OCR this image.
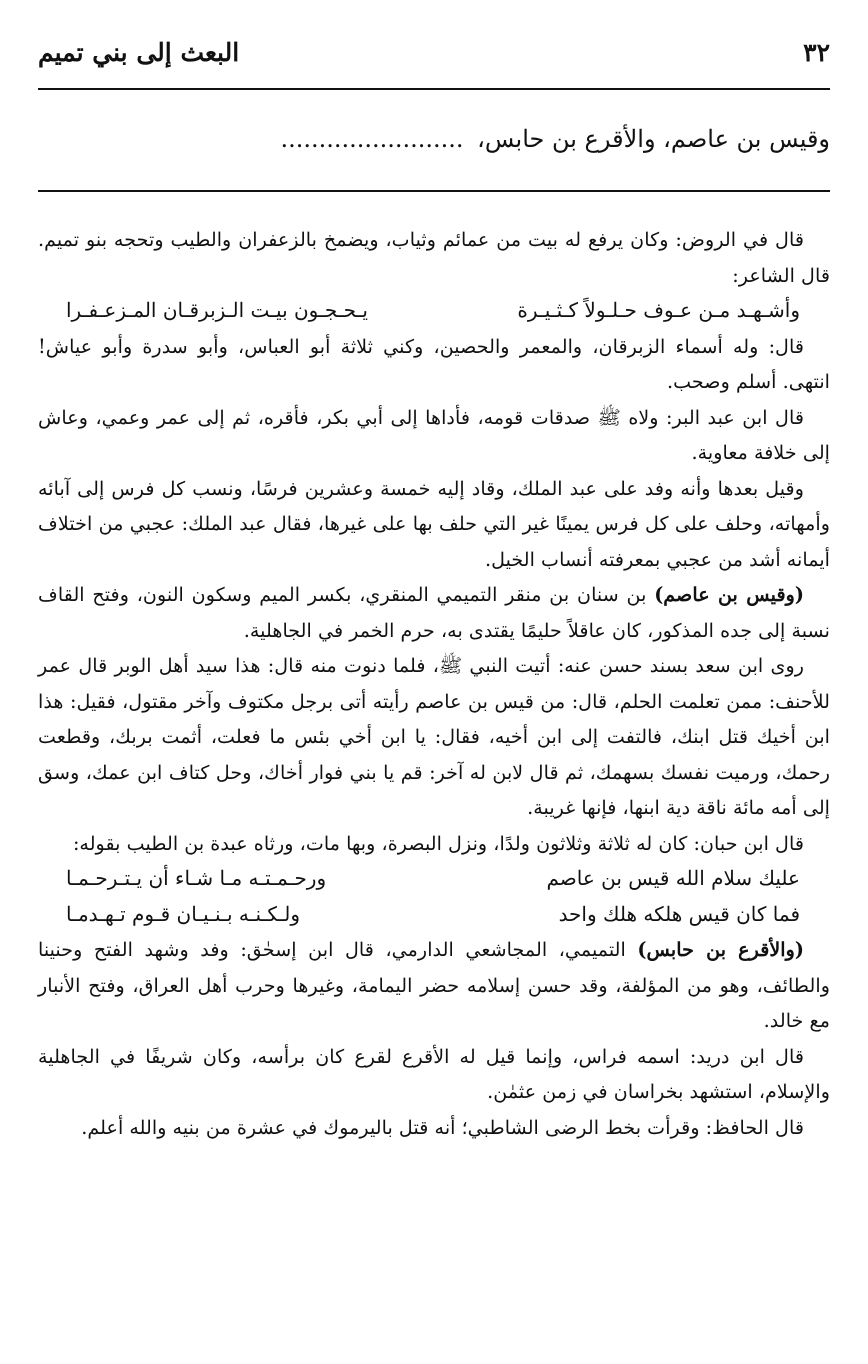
٣٢
البعث إلى بني تميم
وقيس بن عاصم، والأقرع بن حابس، ........................

قال في الروض: وكان يرفع له بيت من عمائم وثياب، ويضمخ بالزعفران والطيب وتحجه بنو تميم. قال الشاعر:

وأشـهـد مـن عـوف حـلـولاً كـثـيـرة
يـحـجـون بيـت الـزبرقـان المـزعـفـرا

قال: وله أسماء الزبرقان، والمعمر والحصين، وكني ثلاثة أبو العباس، وأبو سدرة وأبو عياش! انتهى. أسلم وصحب.

قال ابن عبد البر: ولاه ﷺ صدقات قومه، فأداها إلى أبي بكر، فأقره، ثم إلى عمر وعمي، وعاش إلى خلافة معاوية.

وقيل بعدها وأنه وفد على عبد الملك، وقاد إليه خمسة وعشرين فرسًا، ونسب كل فرس إلى آبائه وأمهاته، وحلف على كل فرس يمينًا غير التي حلف بها على غيرها، فقال عبد الملك: عجبي من اختلاف أيمانه أشد من عجبي بمعرفته أنساب الخيل.

(وقيس بن عاصم) بن سنان بن منقر التميمي المنقري، بكسر الميم وسكون النون، وفتح القاف نسبة إلى جده المذكور، كان عاقلاً حليمًا يقتدى به، حرم الخمر في الجاهلية.

روى ابن سعد بسند حسن عنه: أتيت النبي ﷺ، فلما دنوت منه قال: هذا سيد أهل الوبر قال عمر للأحنف: ممن تعلمت الحلم، قال: من قيس بن عاصم رأيته أتى برجل مكتوف وآخر مقتول، فقيل: هذا ابن أخيك قتل ابنك، فالتفت إلى ابن أخيه، فقال: يا ابن أخي بئس ما فعلت، أثمت بربك، وقطعت رحمك، ورميت نفسك بسهمك، ثم قال لابن له آخر: قم يا بني فوار أخاك، وحل كتاف ابن عمك، وسق إلى أمه مائة ناقة دية ابنها، فإنها غريبة.

قال ابن حبان: كان له ثلاثة وثلاثون ولدًا، ونزل البصرة، وبها مات، ورثاه عبدة بن الطيب بقوله:

عليك سلام الله قيس بن عاصم
ورحـمـتـه مـا شـاء أن يـتـرحـمـا
فما كان قيس هلكه هلك واحد
ولـكـنـه بـنـيـان قـوم تـهـدمـا

(والأقرع بن حابس) التميمي، المجاشعي الدارمي، قال ابن إسحٰق: وفد وشهد الفتح وحنينا والطائف، وهو من المؤلفة، وقد حسن إسلامه حضر اليمامة، وغيرها وحرب أهل العراق، وفتح الأنبار مع خالد.

قال ابن دريد: اسمه فراس، وإنما قيل له الأقرع لقرع كان برأسه، وكان شريفًا في الجاهلية والإسلام، استشهد بخراسان في زمن عثمٰن.

قال الحافظ: وقرأت بخط الرضى الشاطبي؛ أنه قتل باليرموك في عشرة من بنيه والله أعلم.
